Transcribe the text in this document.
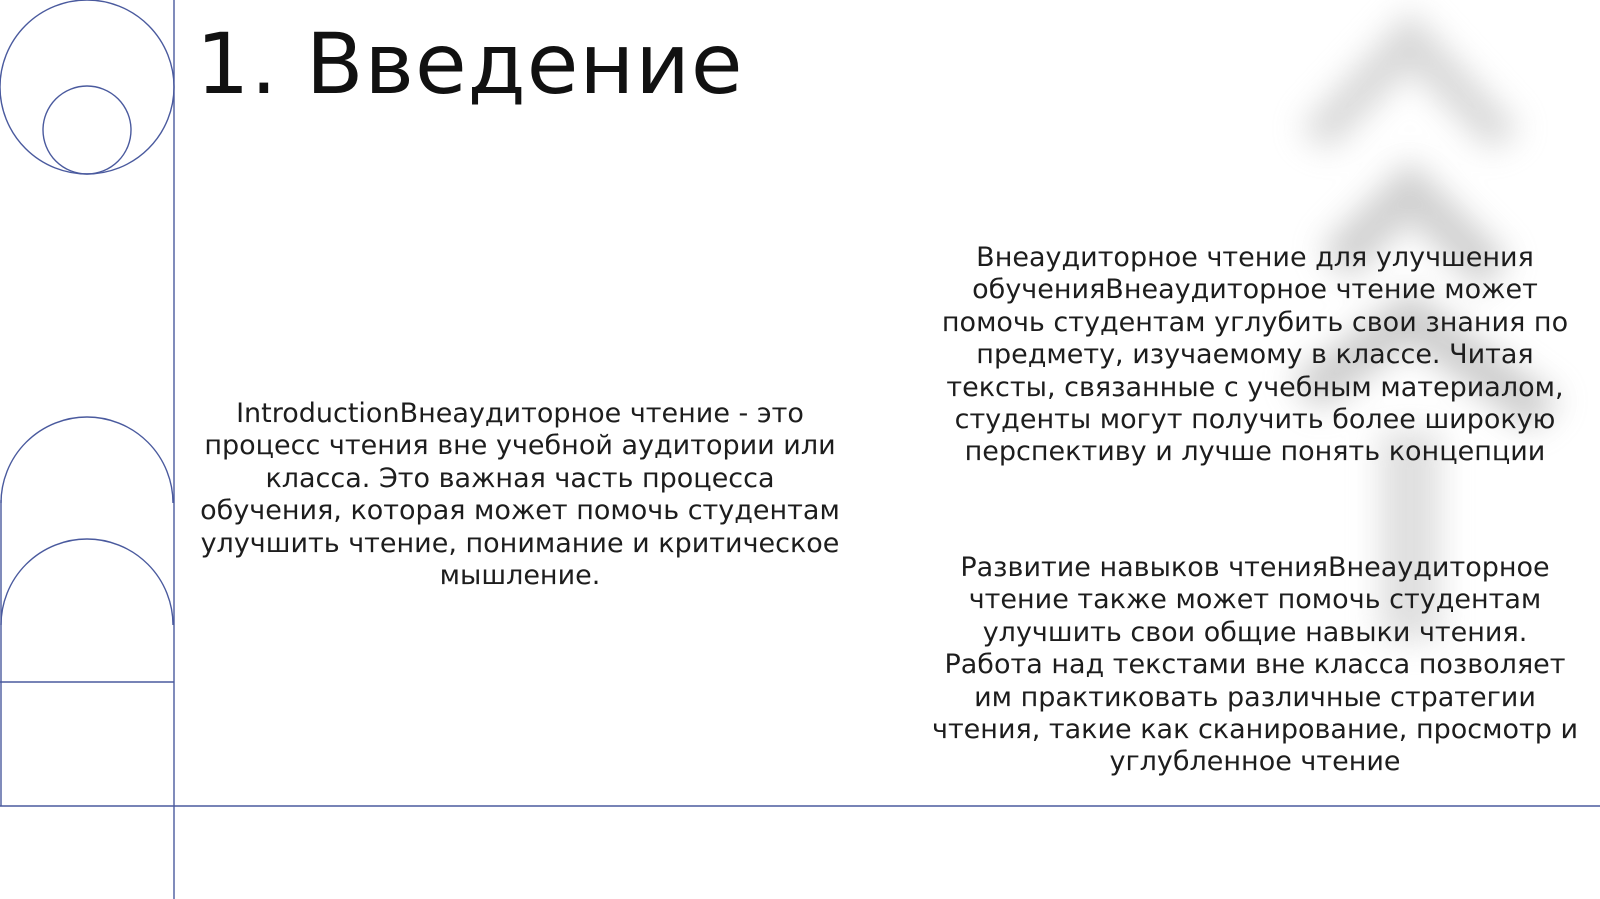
1. Введение

IntroductionВнеаудиторное чтение - это процесс чтения вне учебной аудитории или класса. Это важная часть процесса обучения, которая может помочь студентам улучшить чтение, понимание и критическое мышление.

Внеаудиторное чтение для улучшения обученияВнеаудиторное чтение может помочь студентам углубить свои знания по предмету, изучаемому в классе. Читая тексты, связанные с учебным материалом, студенты могут получить более широкую перспективу и лучше понять концепции

Развитие навыков чтенияВнеаудиторное чтение также может помочь студентам улучшить свои общие навыки чтения. Работа над текстами вне класса позволяет им практиковать различные стратегии чтения, такие как сканирование, просмотр и углубленное чтение
